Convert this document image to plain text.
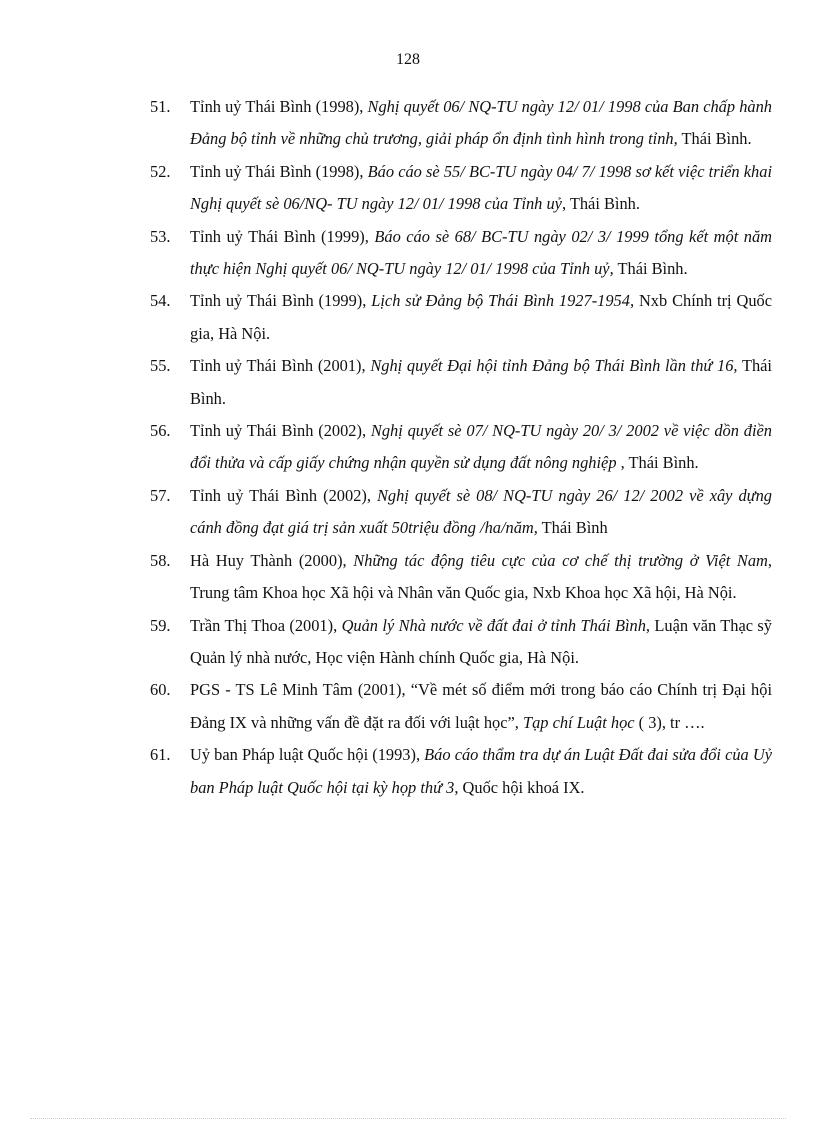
128
51.	Tỉnh uỷ Thái Bình (1998), Nghị quyết 06/ NQ-TU ngày 12/ 01/ 1998 của Ban chấp hành Đảng bộ tỉnh về những chủ trương, giải pháp ổn định tình hình trong tỉnh, Thái Bình.
52.	Tỉnh uỷ Thái Bình (1998), Báo cáo sè 55/ BC-TU ngày 04/ 7/ 1998 sơ kết việc triển khai Nghị quyết sè 06/NQ- TU ngày 12/ 01/ 1998 của Tỉnh uỷ, Thái Bình.
53.	Tỉnh uỷ Thái Bình (1999), Báo cáo sè 68/ BC-TU ngày 02/ 3/ 1999 tổng kết một năm thực hiện Nghị quyết 06/ NQ-TU ngày 12/ 01/ 1998 của Tỉnh uỷ, Thái Bình.
54.	Tỉnh uỷ Thái Bình (1999), Lịch sử Đảng bộ Thái Bình 1927-1954, Nxb Chính trị Quốc gia, Hà Nội.
55.	Tỉnh uỷ Thái Bình (2001), Nghị quyết Đại hội tỉnh Đảng bộ Thái Bình lần thứ 16, Thái Bình.
56.	Tỉnh uỷ Thái Bình (2002), Nghị quyết sè 07/ NQ-TU ngày 20/ 3/ 2002 về việc dồn điền đổi thửa và cấp giấy chứng nhận quyền sử dụng đất nông nghiệp , Thái Bình.
57.	Tỉnh uỷ Thái Bình (2002), Nghị quyết sè 08/ NQ-TU ngày 26/ 12/ 2002 về xây dựng cánh đồng đạt giá trị sản xuất 50triệu đồng /ha/năm, Thái Bình
58.	Hà Huy Thành (2000), Những tác động tiêu cực của cơ chế thị trường ở Việt Nam, Trung tâm Khoa học Xã hội và Nhân văn Quốc gia, Nxb Khoa học Xã hội, Hà Nội.
59.	Trần Thị Thoa (2001), Quản lý Nhà nước về đất đai ở tỉnh Thái Bình, Luận văn Thạc sỹ Quản lý nhà nước, Học viện Hành chính Quốc gia, Hà Nội.
60.	PGS - TS Lê Minh Tâm (2001), “Về mét số điểm mới trong báo cáo Chính trị Đại hội Đảng IX và những vấn đề đặt ra đối với luật học”, Tạp chí Luật học ( 3), tr ….
61.	Uỷ ban Pháp luật Quốc hội (1993), Báo cáo thẩm tra dự án Luật Đất đai sửa đổi của Uỷ ban Pháp luật Quốc hội tại kỳ họp thứ 3, Quốc hội khoá IX.
